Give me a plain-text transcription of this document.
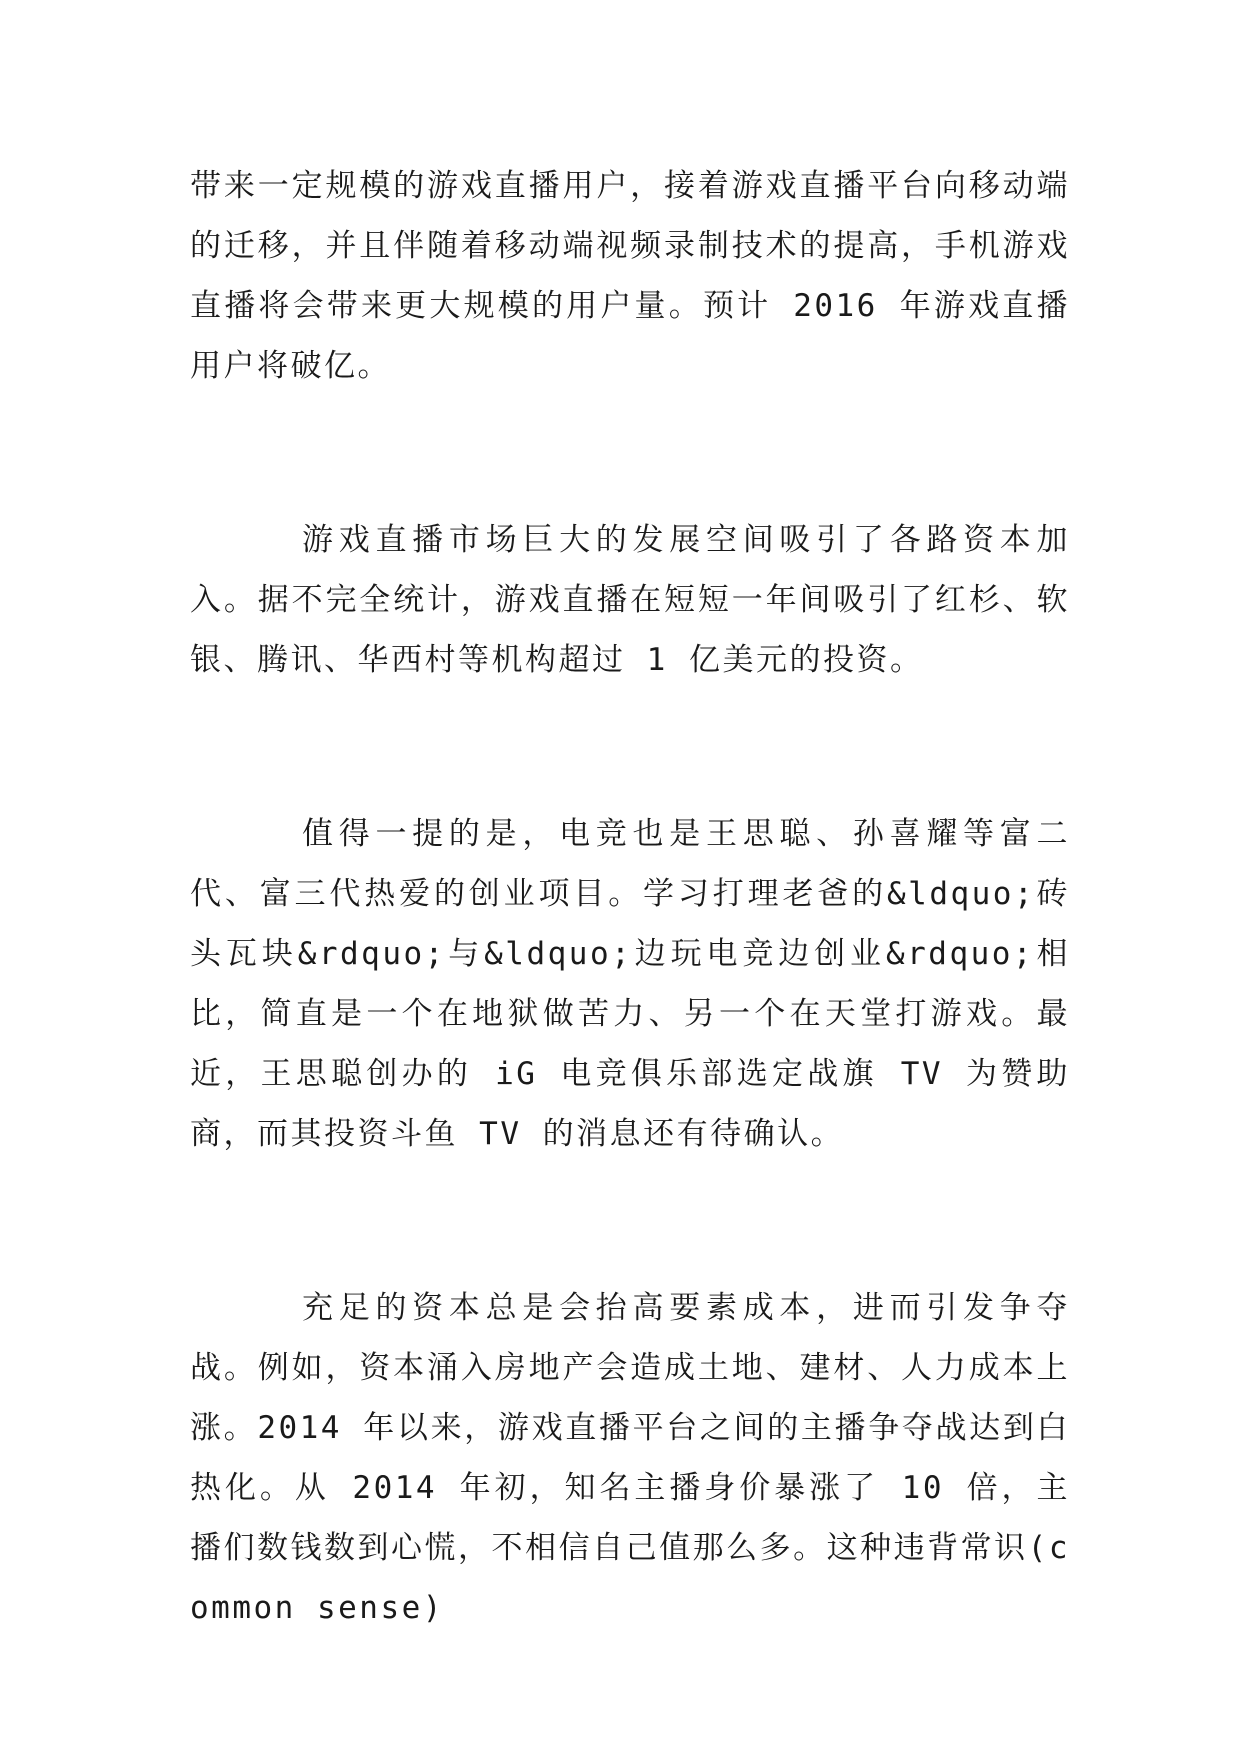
带来一定规模的游戏直播用户，接着游戏直播平台向移动端的迁移，并且伴随着移动端视频录制技术的提高，手机游戏直播将会带来更大规模的用户量。预计 2016 年游戏直播用户将破亿。

游戏直播市场巨大的发展空间吸引了各路资本加入。据不完全统计，游戏直播在短短一年间吸引了红杉、软银、腾讯、华西村等机构超过 1 亿美元的投资。

值得一提的是，电竞也是王思聪、孙喜耀等富二代、富三代热爱的创业项目。学习打理老爸的&ldquo;砖头瓦块&rdquo;与&ldquo;边玩电竞边创业&rdquo;相比，简直是一个在地狱做苦力、另一个在天堂打游戏。最近，王思聪创办的 iG 电竞俱乐部选定战旗 TV 为赞助商，而其投资斗鱼 TV 的消息还有待确认。

充足的资本总是会抬高要素成本，进而引发争夺战。例如，资本涌入房地产会造成土地、建材、人力成本上涨。2014 年以来，游戏直播平台之间的主播争夺战达到白热化。从 2014 年初，知名主播身价暴涨了 10 倍，主播们数钱数到心慌，不相信自己值那么多。这种违背常识(common sense)
